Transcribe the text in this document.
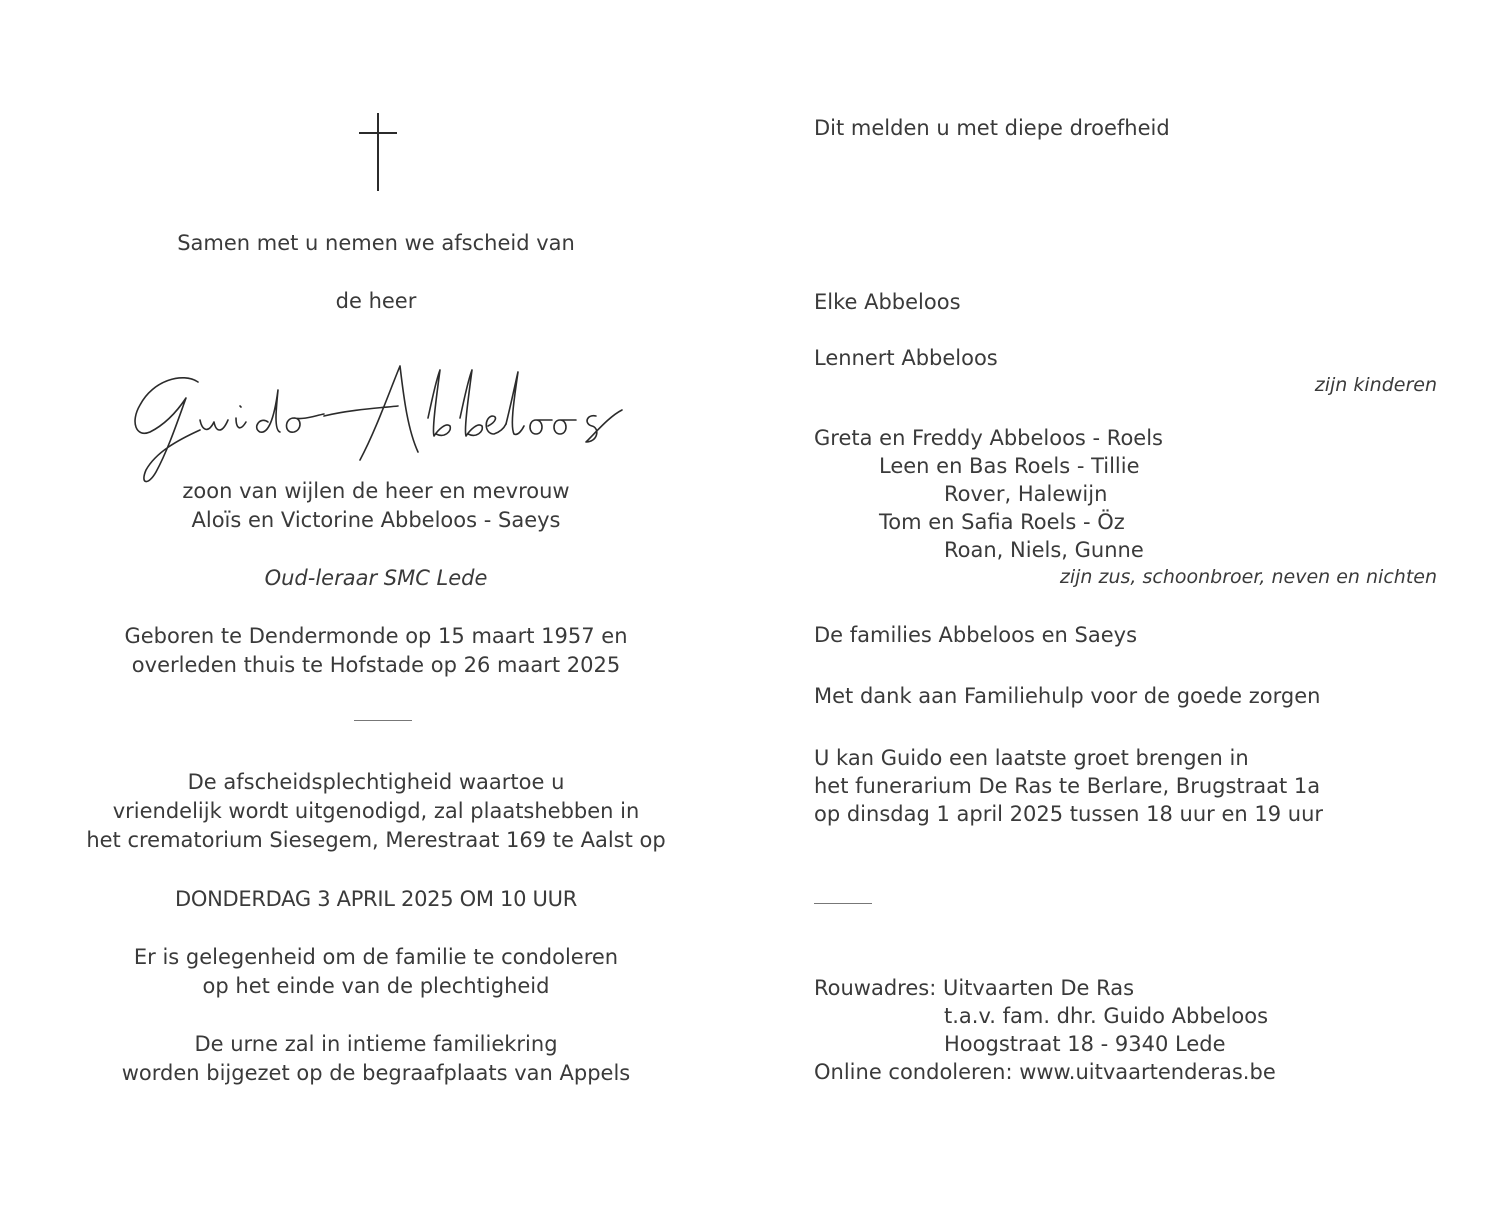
Samen met u nemen we afscheid van
de heer
zoon van wijlen de heer en mevrouw
Aloïs en Victorine Abbeloos - Saeys
Oud-leraar SMC Lede
Geboren te Dendermonde op 15 maart 1957 en
overleden thuis te Hofstade op 26 maart 2025
De afscheidsplechtigheid waartoe u
vriendelijk wordt uitgenodigd, zal plaatshebben in
het crematorium Siesegem, Merestraat 169 te Aalst op
DONDERDAG 3 APRIL 2025 OM 10 UUR
Er is gelegenheid om de familie te condoleren
op het einde van de plechtigheid
De urne zal in intieme familiekring
worden bijgezet op de begraafplaats van Appels
Dit melden u met diepe droefheid
Elke Abbeloos
Lennert Abbeloos
zijn kinderen
Greta en Freddy Abbeloos - Roels
Leen en Bas Roels - Tillie
Rover, Halewijn
Tom en Safia Roels - Öz
Roan, Niels, Gunne
zijn zus, schoonbroer, neven en nichten
De families Abbeloos en Saeys
Met dank aan Familiehulp voor de goede zorgen
U kan Guido een laatste groet brengen in
het funerarium De Ras te Berlare, Brugstraat 1a
op dinsdag 1 april 2025 tussen 18 uur en 19 uur
Rouwadres: Uitvaarten De Ras
t.a.v. fam. dhr. Guido Abbeloos
Hoogstraat 18 - 9340 Lede
Online condoleren: www.uitvaartenderas.be
